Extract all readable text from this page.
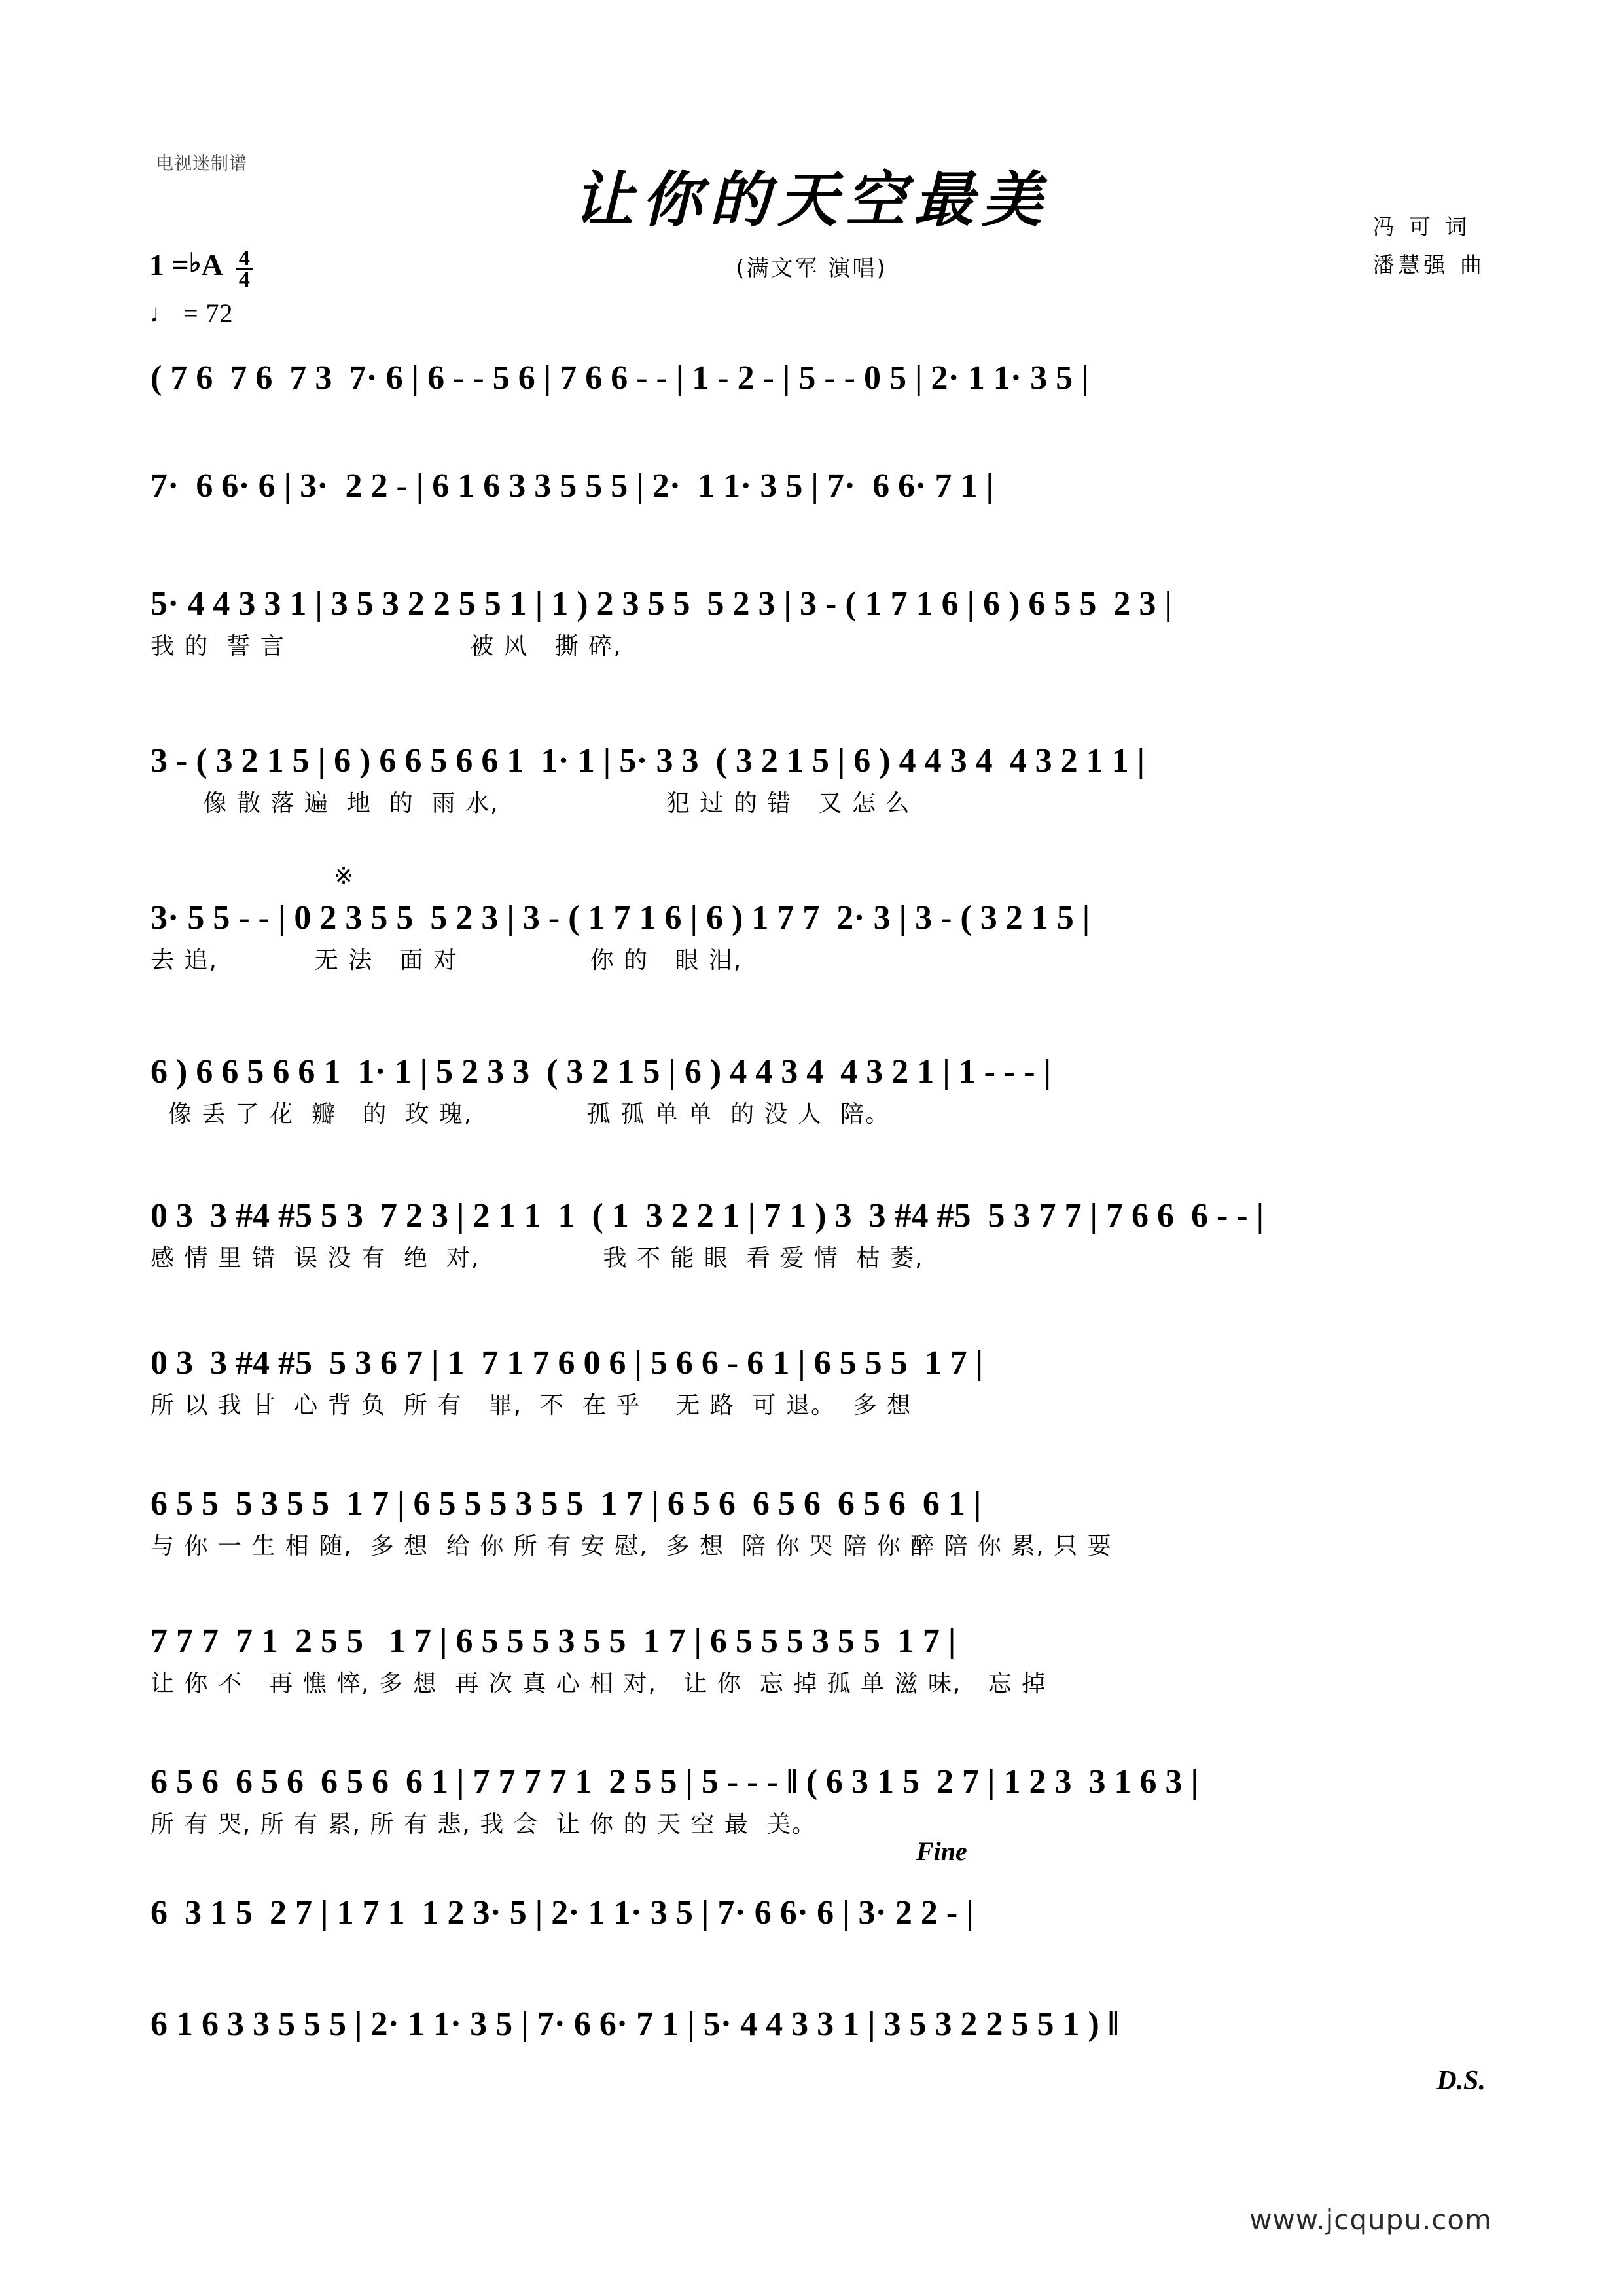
电视迷制谱
让你的天空最美
(满文军 演唱)
冯 可 词
潘慧强 曲
1 = ♭ A $\frac{4}{4}$
♩ = 72
( 7 6  7 6  7 3  7· 6 | 6 - - 5 6 | 7 6 6 - - | 1 - 2 - | 5 - - 0 5 | 2· 1 1· 3 5 |
7·  6 6· 6 | 3·  2 2 - | 6 1 6 3 3 5 5 5 | 2·  1 1· 3 5 | 7·  6 6· 7 1 |
5· 4 4 3 3 1 | 3 5 3 2 2 5 5 1 | 1 ) 2 3 5 5  5 2 3 | 3 - ( 1 7 1 6 | 6 ) 6 5 5  2 3 |
我 的  誓 言                     被 风   撕 碎,
3 - ( 3 2 1 5 | 6 ) 6 6 5 6 6 1  1· 1 | 5· 3 3  ( 3 2 1 5 | 6 ) 4 4 3 4  4 3 2 1 1 |
像 散 落 遍  地  的  雨 水,                   犯 过 的 错   又 怎 么
※
3· 5 5 - - | 0 2 3 5 5  5 2 3 | 3 - ( 1 7 1 6 | 6 ) 1 7 7  2· 3 | 3 - ( 3 2 1 5 |
去 追,           无 法   面 对               你 的   眼 泪,
6 ) 6 6 5 6 6 1  1· 1 | 5 2 3 3  ( 3 2 1 5 | 6 ) 4 4 3 4  4 3 2 1 | 1 - - - |
像 丢 了 花  瓣   的  玫 瑰,             孤 孤 单 单  的 没 人  陪。
0 3  3 #4 #5 5 3  7 2 3 | 2 1 1  1  ( 1  3 2 2 1 | 7 1 ) 3  3 #4 #5  5 3 7 7 | 7 6 6  6 - - |
感 情 里 错  误 没 有  绝  对,              我 不 能 眼  看 爱 情  枯 萎,
0 3  3 #4 #5  5 3 6 7 | 1  7 1 7 6 0 6 | 5 6 6 - 6 1 | 6 5 5 5  1 7 |
所 以 我 甘  心 背 负  所 有   罪,  不  在 乎    无 路  可 退。  多 想
6 5 5  5 3 5 5  1 7 | 6 5 5 5 3 5 5  1 7 | 6 5 6  6 5 6  6 5 6  6 1 |
与 你 一 生 相 随,  多 想  给 你 所 有 安 慰,  多 想  陪 你 哭 陪 你 醉 陪 你 累, 只 要
7 7 7  7 1  2 5 5   1 7 | 6 5 5 5 3 5 5  1 7 | 6 5 5 5 3 5 5  1 7 |
让 你 不   再 憔 悴, 多 想  再 次 真 心 相 对,   让 你  忘 掉 孤 单 滋 味,   忘 掉
6 5 6  6 5 6  6 5 6  6 1 | 7 7 7 7 1  2 5 5 | 5 - - - ‖ ( 6 3 1 5  2 7 | 1 2 3  3 1 6 3 |
所 有 哭, 所 有 累, 所 有 悲, 我 会  让 你 的 天 空 最  美。
Fine
6  3 1 5  2 7 | 1 7 1  1 2 3· 5 | 2· 1 1· 3 5 | 7· 6 6· 6 | 3· 2 2 - |
6 1 6 3 3 5 5 5 | 2· 1 1· 3 5 | 7· 6 6· 7 1 | 5· 4 4 3 3 1 | 3 5 3 2 2 5 5 1 ) ‖
D.S.
www.jcqupu.com
